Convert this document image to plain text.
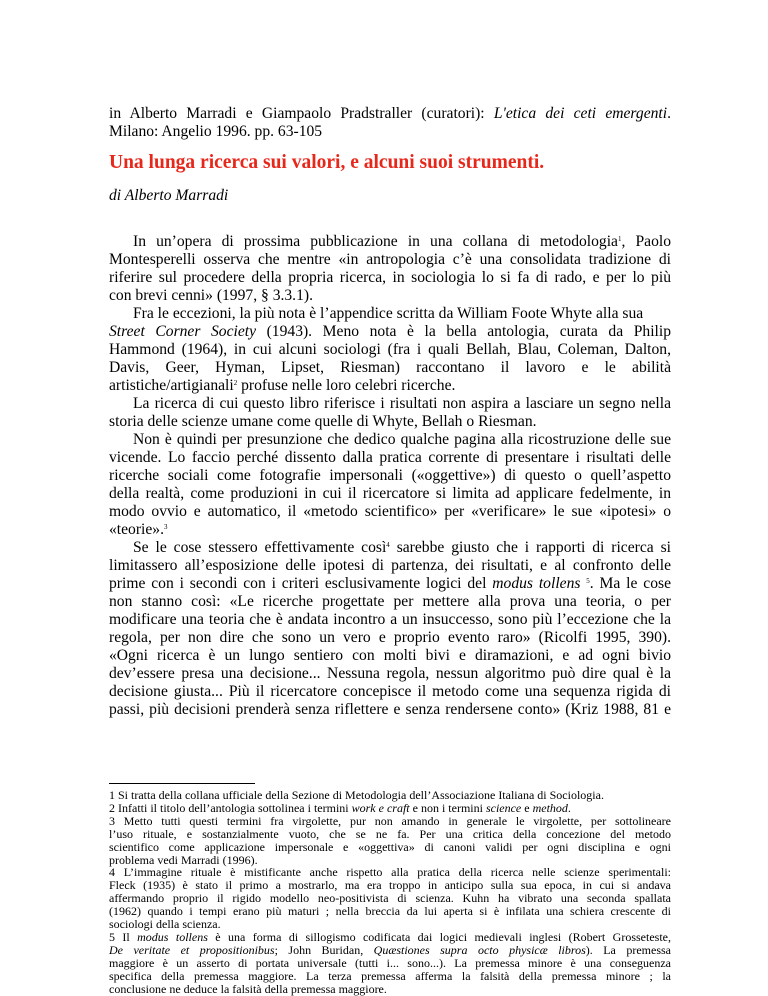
in Alberto Marradi e Giampaolo Pradstraller (curatori): L'etica dei ceti emergenti.
Milano: Angelio 1996. pp. 63-105
Una lunga ricerca sui valori, e alcuni suoi strumenti.
di Alberto Marradi
In un’opera di prossima pubblicazione in una collana di metodologia$^1$, Paolo
Montesperelli osserva che mentre «in antropologia c’è una consolidata tradizione di
riferire sul procedere della propria ricerca, in sociologia lo si fa di rado, e per lo più
con brevi cenni» (1997, § 3.3.1).
Fra le eccezioni, la più nota è l’appendice scritta da William Foote Whyte alla sua
Street Corner Society (1943). Meno nota è la bella antologia, curata da Philip
Hammond (1964), in cui alcuni sociologi (fra i quali Bellah, Blau, Coleman, Dalton,
Davis, Geer, Hyman, Lipset, Riesman) raccontano il lavoro e le abilità
artistiche/artigianali$^2$ profuse nelle loro celebri ricerche.
La ricerca di cui questo libro riferisce i risultati non aspira a lasciare un segno nella
storia delle scienze umane come quelle di Whyte, Bellah o Riesman.
Non è quindi per presunzione che dedico qualche pagina alla ricostruzione delle sue
vicende. Lo faccio perché dissento dalla pratica corrente di presentare i risultati delle
ricerche sociali come fotografie impersonali («oggettive») di questo o quell’aspetto
della realtà, come produzioni in cui il ricercatore si limita ad applicare fedelmente, in
modo ovvio e automatico, il «metodo scientifico» per «verificare» le sue «ipotesi» o
«teorie».$^3$
Se le cose stessero effettivamente così$^4$ sarebbe giusto che i rapporti di ricerca si
limitassero all’esposizione delle ipotesi di partenza, dei risultati, e al confronto delle
prime con i secondi con i criteri esclusivamente logici del modus tollens $^5$. Ma le cose
non stanno così: «Le ricerche progettate per mettere alla prova una teoria, o per
modificare una teoria che è andata incontro a un insuccesso, sono più l’eccezione che la
regola, per non dire che sono un vero e proprio evento raro» (Ricolfi 1995, 390).
«Ogni ricerca è un lungo sentiero con molti bivi e diramazioni, e ad ogni bivio
dev’essere presa una decisione... Nessuna regola, nessun algoritmo può dire qual è la
decisione giusta... Più il ricercatore concepisce il metodo come una sequenza rigida di
passi, più decisioni prenderà senza riflettere e senza rendersene conto» (Kriz 1988, 81 e
1 Si tratta della collana ufficiale della Sezione di Metodologia dell’Associazione Italiana di Sociologia.
2 Infatti il titolo dell’antologia sottolinea i termini work e craft e non i termini science e method.
3 Metto tutti questi termini fra virgolette, pur non amando in generale le virgolette, per sottolineare
l’uso rituale, e sostanzialmente vuoto, che se ne fa. Per una critica della concezione del metodo
scientifico come applicazione impersonale e «oggettiva» di canoni validi per ogni disciplina e ogni
problema vedi Marradi (1996).
4 L’immagine rituale è mistificante anche rispetto alla pratica della ricerca nelle scienze sperimentali:
Fleck (1935) è stato il primo a mostrarlo, ma era troppo in anticipo sulla sua epoca, in cui si andava
affermando proprio il rigido modello neo-positivista di scienza. Kuhn ha vibrato una seconda spallata
(1962) quando i tempi erano più maturi ; nella breccia da lui aperta si è infilata una schiera crescente di
sociologi della scienza.
5 Il modus tollens è una forma di sillogismo codificata dai logici medievali inglesi (Robert Grosseteste,
De veritate et propositionibus; John Buridan, Quæstiones supra octo physicæ libros). La premessa
maggiore è un asserto di portata universale (tutti i... sono...). La premessa minore è una conseguenza
specifica della premessa maggiore. La terza premessa afferma la falsità della premessa minore ; la
conclusione ne deduce la falsità della premessa maggiore.
